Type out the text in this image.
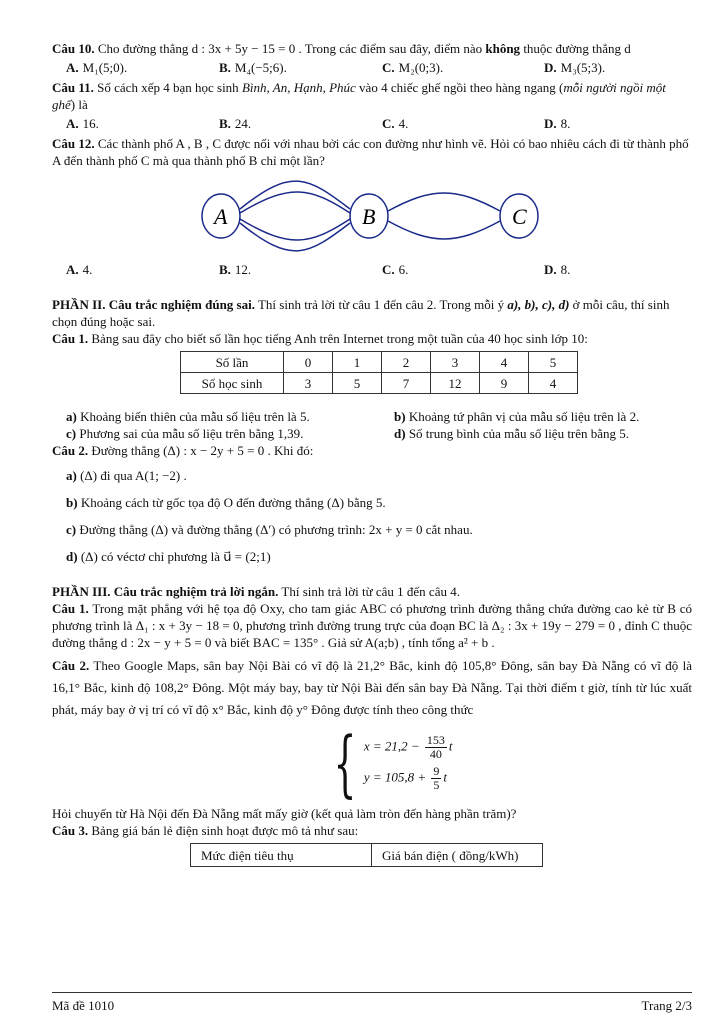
Câu 10. Cho đường thẳng d : 3x + 5y − 15 = 0 . Trong các điểm sau đây, điểm nào không thuộc đường thẳng d

A. M₁(5;0).	B. M₄(−5;6).	C. M₂(0;3).	D. M₃(5;3).

Câu 11. Số cách xếp 4 bạn học sinh Bình, An, Hạnh, Phúc vào 4 chiếc ghế ngồi theo hàng ngang (mỗi người ngồi một ghế) là

A. 16.	B. 24.	C. 4.	D. 8.

Câu 12. Các thành phố A , B , C được nối với nhau bởi các con đường như hình vẽ. Hỏi có bao nhiêu cách đi từ thành phố A đến thành phố C mà qua thành phố B chỉ một lần?

A	B	C
A. 4.	B. 12.	C. 6.	D. 8.

PHẦN II. Câu trắc nghiệm đúng sai. Thí sinh trả lời từ câu 1 đến câu 2. Trong mỗi ý a), b), c), d) ở mỗi câu, thí sinh chọn đúng hoặc sai.

Câu 1. Bảng sau đây cho biết số lần học tiếng Anh trên Internet trong một tuần của 40 học sinh lớp 10:

Số lần	0	1	2	3	4	5
Số học sinh	3	5	7	12	9	4
a) Khoảng biến thiên của mẫu số liệu trên là 5.	b) Khoảng tứ phân vị của mẫu số liệu trên là 2.
c) Phương sai của mẫu số liệu trên bằng 1,39.	d) Số trung bình của mẫu số liệu trên bằng 5.

Câu 2. Đường thẳng (Δ) : x − 2y + 5 = 0 . Khi đó:

a) (Δ) đi qua A(1; −2) .
b) Khoảng cách từ gốc tọa độ O đến đường thẳng (Δ) bằng 5.
c) Đường thẳng (Δ) và đường thẳng (Δ′) có phương trình: 2x + y = 0 cắt nhau.
d) (Δ) có véctơ chỉ phương là u⃗ = (2;1)

PHẦN III. Câu trắc nghiệm trả lời ngắn. Thí sinh trả lời từ câu 1 đến câu 4.

Câu 1. Trong mặt phẳng với hệ tọa độ Oxy, cho tam giác ABC có phương trình đường thẳng chứa đường cao kẻ từ B có phương trình là Δ₁ : x + 3y − 18 = 0, phương trình đường trung trực của đoạn BC là Δ₂ : 3x + 19y − 279 = 0 , đỉnh C thuộc đường thẳng d : 2x − y + 5 = 0 và biết BAC = 135° . Giả sử A(a;b) , tính tổng a² + b .

Câu 2. Theo Google Maps, sân bay Nội Bài có vĩ độ là 21,2° Bắc, kinh độ 105,8° Đông, sân bay Đà Nẵng có vĩ độ là 16,1° Bắc, kinh độ 108,2° Đông. Một máy bay, bay từ Nội Bài đến sân bay Đà Nẵng. Tại thời điểm t giờ, tính từ lúc xuất phát, máy bay ở vị trí có vĩ độ x° Bắc, kinh độ y° Đông được tính theo công thức

{ $x = 21,2 - \frac{153}{40}$ t
$y = 105,8 + \frac{9}{5}$ t

Hỏi chuyến từ Hà Nội đến Đà Nẵng mất mấy giờ (kết quả làm tròn đến hàng phần trăm)?

Câu 3. Bảng giá bán lẻ điện sinh hoạt được mô tả như sau:

Mức điện tiêu thụ	Giá bán điện ( đồng/kWh)
Mã đề 1010	Trang 2/3
